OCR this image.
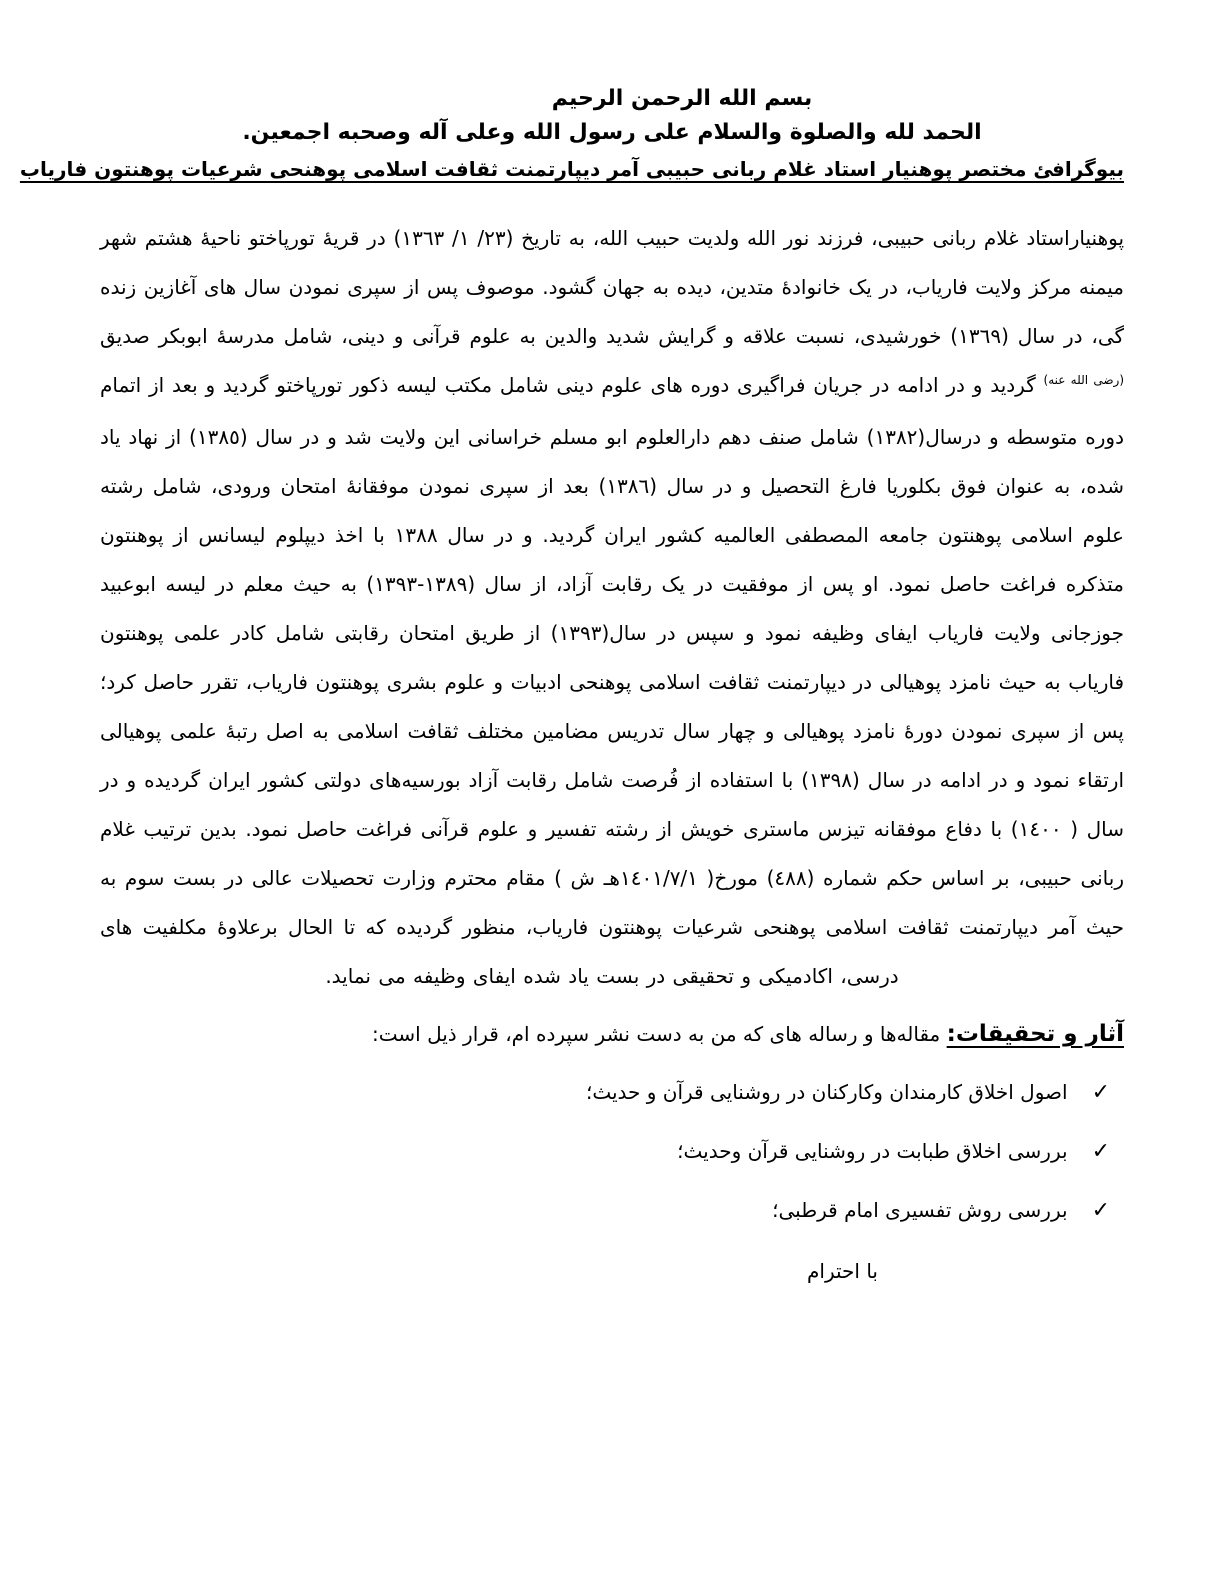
بسم الله الرحمن الرحيم
الحمد لله والصلوة والسلام على رسول الله وعلى آله وصحبه اجمعين.
بیوگرافئ مختصر پوهنیار استاد غلام ربانی حبیبی آمر دیپارتمنت ثقافت اسلامی پوهنحی شرعیات پوهنتون فاریاب

پوهنیاراستاد غلام ربانی حبیبی، فرزند نور الله ولدیت حبیب الله، به تاریخ (٢٣/ ١/ ١٣٦٣) در قریهٔ تورپاختو ناحیهٔ هشتم شهر میمنه مرکز ولایت فاریاب، در یک خانوادهٔ متدین، دیده به جهان گشود. موصوف پس از سپری نمودن سال های آغازین زنده گی، در سال (١٣٦٩) خورشیدی، نسبت علاقه و گرایش شدید والدین به علوم قرآنی و دینی، شامل مدرسهٔ ابوبکر صدیق $^{(رضی الله عنه)}$ گردید و در ادامه در جریان فراگیری دوره های علوم دینی شامل مکتب لیسه ذکور تورپاختو گردید و بعد از اتمام دوره متوسطه و درسال(١٣٨٢) شامل صنف دهم دارالعلوم ابو مسلم خراسانی این ولایت شد و در سال (١٣٨٥) از نهاد یاد شده، به عنوان فوق بکلوریا فارغ التحصیل و در سال (١٣٨٦) بعد از سپری نمودن موفقانهٔ امتحان ورودی، شامل رشته علوم اسلامی پوهنتون جامعه المصطفی العالمیه کشور ایران گردید. و در سال ١٣٨٨ با اخذ دیپلوم لیسانس از پوهنتون متذکره فراغت حاصل نمود. او پس از موفقیت در یک رقابت آزاد، از سال (١٣٨٩-١٣٩٣) به حیث معلم در لیسه ابوعبید جوزجانی ولایت فاریاب ایفای وظیفه نمود و سپس در سال(١٣٩٣) از طریق امتحان رقابتی شامل کادر علمی پوهنتون فاریاب به حیث نامزد پوهیالی در دیپارتمنت ثقافت اسلامی پوهنحی ادبیات و علوم بشری پوهنتون فاریاب، تقرر حاصل کرد؛ پس از سپری نمودن دورهٔ نامزد پوهیالی و چهار سال تدریس مضامین مختلف ثقافت اسلامی به اصل رتبهٔ علمی پوهیالی ارتقاء نمود و در ادامه در سال (١٣٩٨) با استفاده از فُرصت شامل رقابت آزاد بورسیه‌های دولتی کشور ایران گردیده و در سال ( ١٤٠٠) با دفاع موفقانه تیزس ماستری خویش از رشته تفسیر و علوم قرآنی فراغت حاصل نمود. بدین ترتیب غلام ربانی حبیبی، بر اساس حکم شماره (٤٨٨) مورخ( ١٤٠١/٧/١هـ ش ) مقام محترم وزارت تحصیلات عالی در بست سوم به حیث آمر دیپارتمنت ثقافت اسلامی پوهنحی شرعیات پوهنتون فاریاب، منظور گردیده که تا الحال برعلاوهٔ مکلفیت های درسی، اکادمیکی و تحقیقی در بست یاد شده ایفای وظیفه می نماید.

آثار و تحقیقات: مقاله‌ها و رساله های که من به دست نشر سپرده ام، قرار ذیل است:
✓
اصول اخلاق کارمندان وکارکنان در روشنایی قرآن و حدیث؛
✓
بررسی اخلاق طبابت در روشنایی قرآن وحدیث؛
✓
بررسی روش تفسیری امام قرطبی؛
با احترام
